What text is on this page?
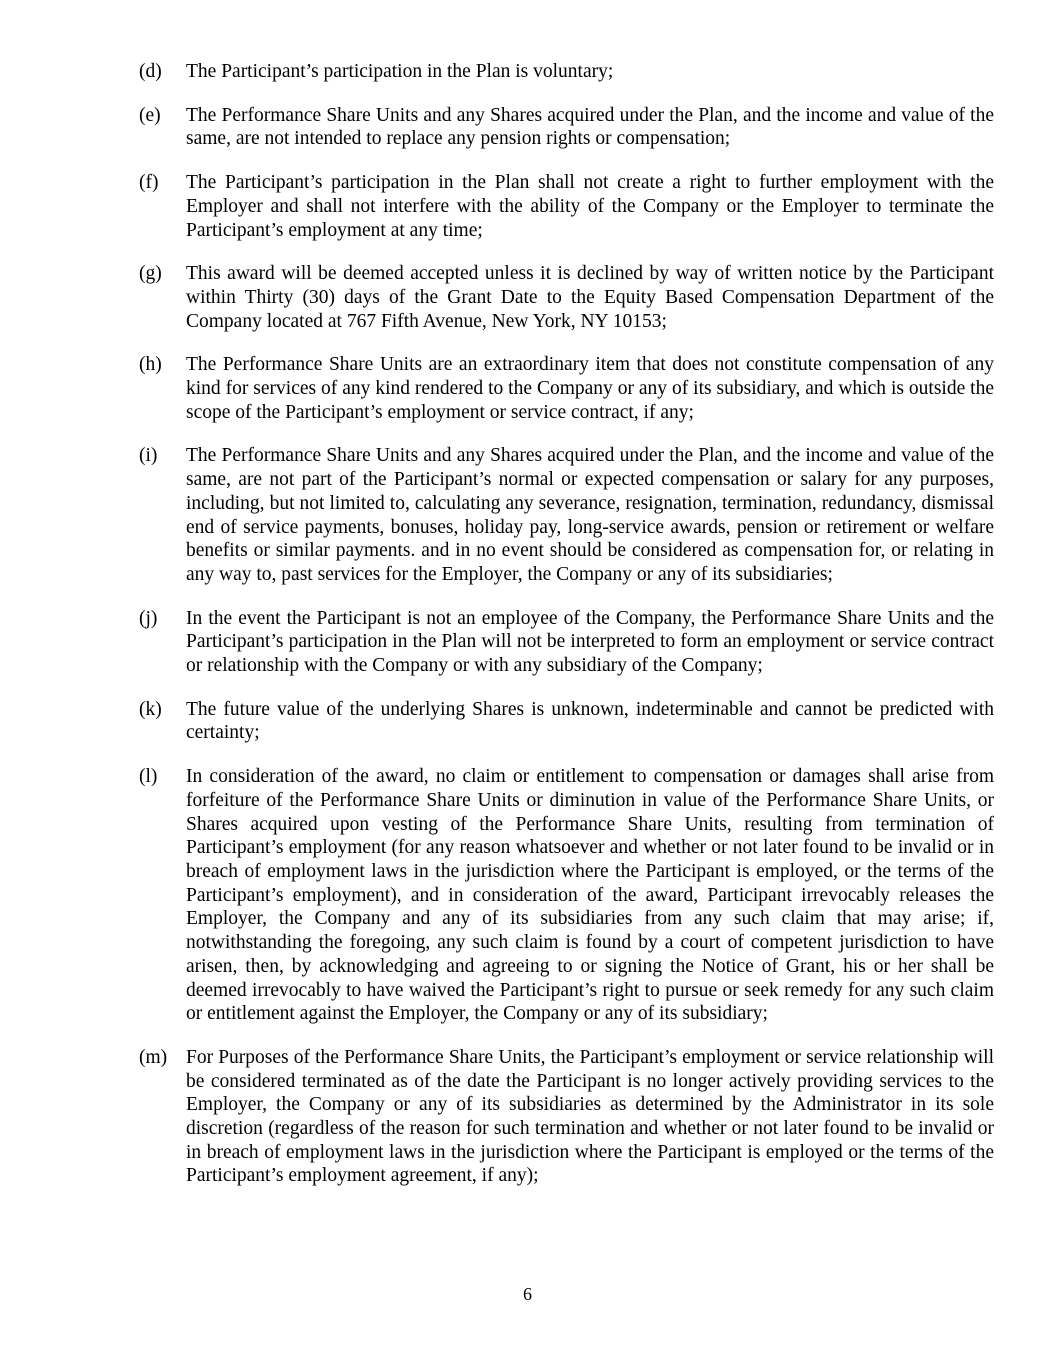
(d)	The Participant’s participation in the Plan is voluntary;
(e)	The Performance Share Units and any Shares acquired under the Plan, and the income and value of the same, are not intended to replace any pension rights or compensation;
(f)	The Participant’s participation in the Plan shall not create a right to further employment with the Employer and shall not interfere with the ability of the Company or the Employer to terminate the Participant’s employment at any time;
(g)	This award will be deemed accepted unless it is declined by way of written notice by the Participant within Thirty (30) days of the Grant Date to the Equity Based Compensation Department of the Company located at 767 Fifth Avenue, New York, NY 10153;
(h)	The Performance Share Units are an extraordinary item that does not constitute compensation of any kind for services of any kind rendered to the Company or any of its subsidiary, and which is outside the scope of the Participant’s employment or service contract, if any;
(i)	The Performance Share Units and any Shares acquired under the Plan, and the income and value of the same, are not part of the Participant’s normal or expected compensation or salary for any purposes, including, but not limited to, calculating any severance, resignation, termination, redundancy, dismissal end of service payments, bonuses, holiday pay, long-service awards, pension or retirement or welfare benefits or similar payments. and in no event should be considered as compensation for, or relating in any way to, past services for the Employer, the Company or any of its subsidiaries;
(j)	In the event the Participant is not an employee of the Company, the Performance Share Units and the Participant’s participation in the Plan will not be interpreted to form an employment or service contract or relationship with the Company or with any subsidiary of the Company;
(k)	The future value of the underlying Shares is unknown, indeterminable and cannot be predicted with certainty;
(l)	In consideration of the award, no claim or entitlement to compensation or damages shall arise from forfeiture of the Performance Share Units or diminution in value of the Performance Share Units, or Shares acquired upon vesting of the Performance Share Units, resulting from termination of Participant’s employment (for any reason whatsoever and whether or not later found to be invalid or in breach of employment laws in the jurisdiction where the Participant is employed, or the terms of the Participant’s employment), and in consideration of the award, Participant irrevocably releases the Employer, the Company and any of its subsidiaries from any such claim that may arise; if, notwithstanding the foregoing, any such claim is found by a court of competent jurisdiction to have arisen, then, by acknowledging and agreeing to or signing the Notice of Grant, his or her shall be deemed irrevocably to have waived the Participant’s right to pursue or seek remedy for any such claim or entitlement against the Employer, the Company or any of its subsidiary;
(m) For Purposes of the Performance Share Units, the Participant’s employment or service relationship will be considered terminated as of the date the Participant is no longer actively providing services to the Employer, the Company or any of its subsidiaries as determined by the Administrator in its sole discretion (regardless of the reason for such termination and whether or not later found to be invalid or in breach of employment laws in the jurisdiction where the Participant is employed or the terms of the Participant’s employment agreement, if any);
6
